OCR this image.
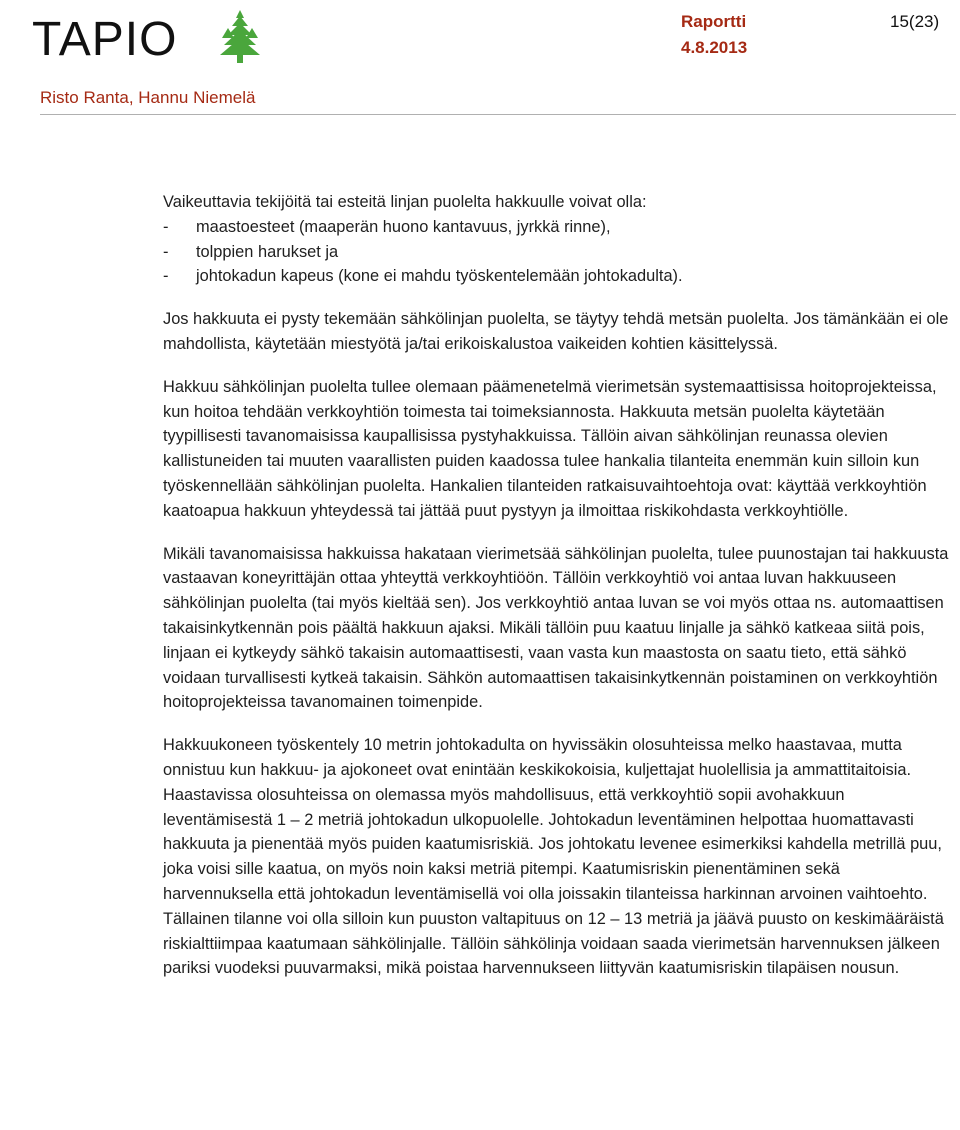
TAPIO	Raportti
4.8.2013
15(23)
Risto Ranta, Hannu Niemelä
Vaikeuttavia tekijöitä tai esteitä linjan puolelta hakkuulle voivat olla:
- maastoesteet (maaperän huono kantavuus, jyrkkä rinne),
- tolppien harukset ja
- johtokadun kapeus (kone ei mahdu työskentelemään johtokadulta).

Jos hakkuuta ei pysty tekemään sähkölinjan puolelta, se täytyy tehdä metsän puolelta. Jos tämänkään ei ole mahdollista, käytetään miestyötä ja/tai erikoiskalustoa vaikeiden kohtien käsittelyssä.

Hakkuu sähkölinjan puolelta tullee olemaan päämenetelmä vierimetsän systemaattisissa hoitoprojekteissa, kun hoitoa tehdään verkkoyhtiön toimesta tai toimeksiannosta. Hakkuuta metsän puolelta käytetään tyypillisesti tavanomaisissa kaupallisissa pystyhakkuissa. Tällöin aivan sähkölinjan reunassa olevien kallistuneiden tai muuten vaarallisten puiden kaadossa tulee hankalia tilanteita enemmän kuin silloin kun työskennellään sähkölinjan puolelta. Hankalien tilanteiden ratkaisuvaihtoehtoja ovat: käyttää verkkoyhtiön kaatoapua hakkuun yhteydessä tai jättää puut pystyyn ja ilmoittaa riskikohdasta verkkoyhtiölle.

Mikäli tavanomaisissa hakkuissa hakataan vierimetsää sähkölinjan puolelta, tulee puunostajan tai hakkuusta vastaavan koneyrittäjän ottaa yhteyttä verkkoyhtiöön. Tällöin verkkoyhtiö voi antaa luvan hakkuuseen sähkölinjan puolelta (tai myös kieltää sen). Jos verkkoyhtiö antaa luvan se voi myös ottaa ns. automaattisen takaisinkytkennän pois päältä hakkuun ajaksi. Mikäli tällöin puu kaatuu linjalle ja sähkö katkeaa siitä pois, linjaan ei kytkeydy sähkö takaisin automaattisesti, vaan vasta kun maastosta on saatu tieto, että sähkö voidaan turvallisesti kytkeä takaisin. Sähkön automaattisen takaisinkytkennän poistaminen on verkkoyhtiön hoitoprojekteissa tavanomainen toimenpide.

Hakkuukoneen työskentely 10 metrin johtokadulta on hyvissäkin olosuhteissa melko haastavaa, mutta onnistuu kun hakkuu- ja ajokoneet ovat enintään keskikokoisia, kuljettajat huolellisia ja ammattitaitoisia. Haastavissa olosuhteissa on olemassa myös mahdollisuus, että verkkoyhtiö sopii avohakkuun leventämisestä 1 – 2 metriä johtokadun ulkopuolelle. Johtokadun leventäminen helpottaa huomattavasti hakkuuta ja pienentää myös puiden kaatumisriskiä. Jos johtokatu levenee esimerkiksi kahdella metrillä puu, joka voisi sille kaatua, on myös noin kaksi metriä pitempi. Kaatumisriskin pienentäminen sekä harvennuksella että johtokadun leventämisellä voi olla joissakin tilanteissa harkinnan arvoinen vaihtoehto. Tällainen tilanne voi olla silloin kun puuston valtapituus on 12 – 13 metriä ja jäävä puusto on keskimääräistä riskialttiimpaa kaatumaan sähkölinjalle. Tällöin sähkölinja voidaan saada vierimetsän harvennuksen jälkeen pariksi vuodeksi puuvarmaksi, mikä poistaa harvennukseen liittyvän kaatumisriskin tilapäisen nousun.
